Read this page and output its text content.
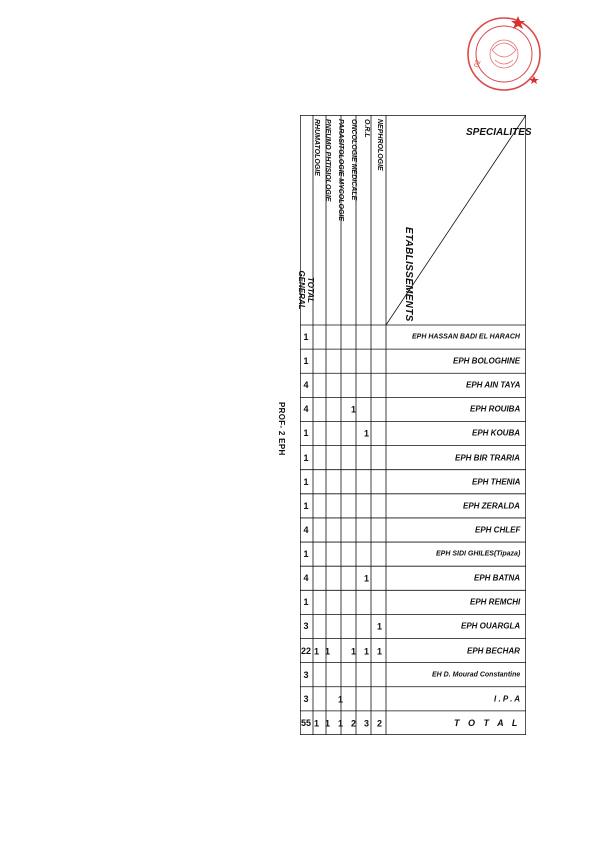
02
ETABLISSEMENTS
SPECIALITES
NEPHROLOGIE
O.R.L
ONCOLOGIE MEDICALE
PARASITOLOGIE MYCOLOGIE
PNEUMO PHTISIOLOGIE
RHUMATOLOGIE
TOTAL GENERAL
EPH HASSAN BADI EL HARACH
1
EPH BOLOGHINE
1
EPH AIN TAYA
4
EPH ROUIBA
1
4
EPH KOUBA
1
1
EPH BIR TRARIA
1
EPH THENIA
1
EPH ZERALDA
1
EPH CHLEF
4
EPH SIDI GHILES(Tipaza)
1
EPH BATNA
1
4
EPH REMCHI
1
EPH OUARGLA
1
3
EPH BECHAR
1
1
1
1
1
22
EH D. Mourad Constantine
3
I . P . A
1
3
T O T A L
2
3
2
1
1
1
55
PROF- 2 EPH
